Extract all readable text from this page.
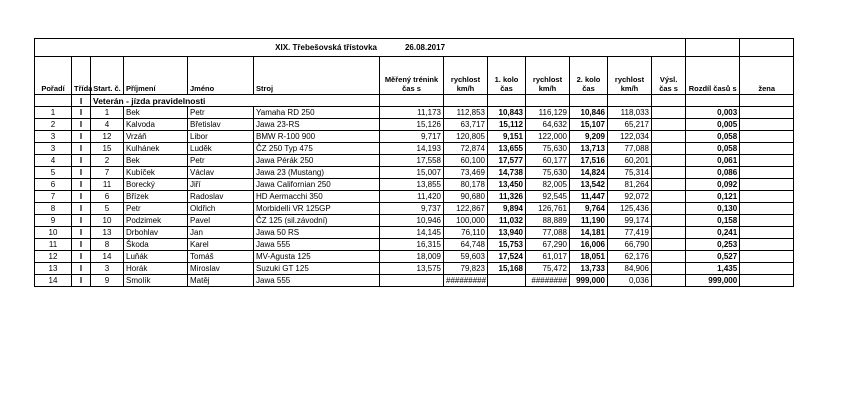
XIX. Třebešovská třístovka 26.08.2017														
Pořadí	Třída	Start. č.	Příjmení	Jméno	Stroj	Měřený trénink čas s	rychlost km/h	1. kolo čas	rychlost km/h	2. kolo čas	rychlost km/h	Výsl. čas s	Rozdíl časů s	žena
	I	Veterán - jízda pravidelnosti												
1	I	1	Bek	Petr	Yamaha RD 250	11,173	112,853	10,843	116,129	10,846	118,033		0,003	
2	I	4	Kalvoda	Břetislav	Jawa 23-RS	15,126	63,717	15,112	64,632	15,107	65,217		0,005	
3	I	12	Vrzáň	Libor	BMW R-100 900	9,717	120,805	9,151	122,000	9,209	122,034		0,058	
3	I	15	Kulhánek	Luděk	ČZ 250 Typ 475	14,193	72,874	13,655	75,630	13,713	77,088		0,058	
4	I	2	Bek	Petr	Jawa Pérák 250	17,558	60,100	17,577	60,177	17,516	60,201		0,061	
5	I	7	Kubíček	Václav	Jawa 23 (Mustang)	15,007	73,469	14,738	75,630	14,824	75,314		0,086	
6	I	11	Borecký	Jiří	Jawa Californian 250	13,855	80,178	13,450	82,005	13,542	81,264		0,092	
7	I	6	Břízek	Radoslav	HD Aermacchi 350	11,420	90,680	11,326	92,545	11,447	92,072		0,121	
8	I	5	Petr	Oldřich	Morbidelli VR 125GP	9,737	122,867	9,894	126,761	9,764	125,436		0,130	
9	I	10	Podzimek	Pavel	ČZ 125 (sil.závodní)	10,946	100,000	11,032	88,889	11,190	99,174		0,158	
10	I	13	Drbohlav	Jan	Jawa 50 RS	14,145	76,110	13,940	77,088	14,181	77,419		0,241	
11	I	8	Škoda	Karel	Jawa 555	16,315	64,748	15,753	67,290	16,006	66,790		0,253	
12	I	14	Luňák	Tomáš	MV-Agusta 125	18,009	59,603	17,524	61,017	18,051	62,176		0,527	
13	I	3	Horák	Miroslav	Suzuki GT 125	13,575	79,823	15,168	75,472	13,733	84,906		1,435	
14	I	9	Smolík	Matěj	Jawa 555		#########		########	999,000	0,036		999,000	
